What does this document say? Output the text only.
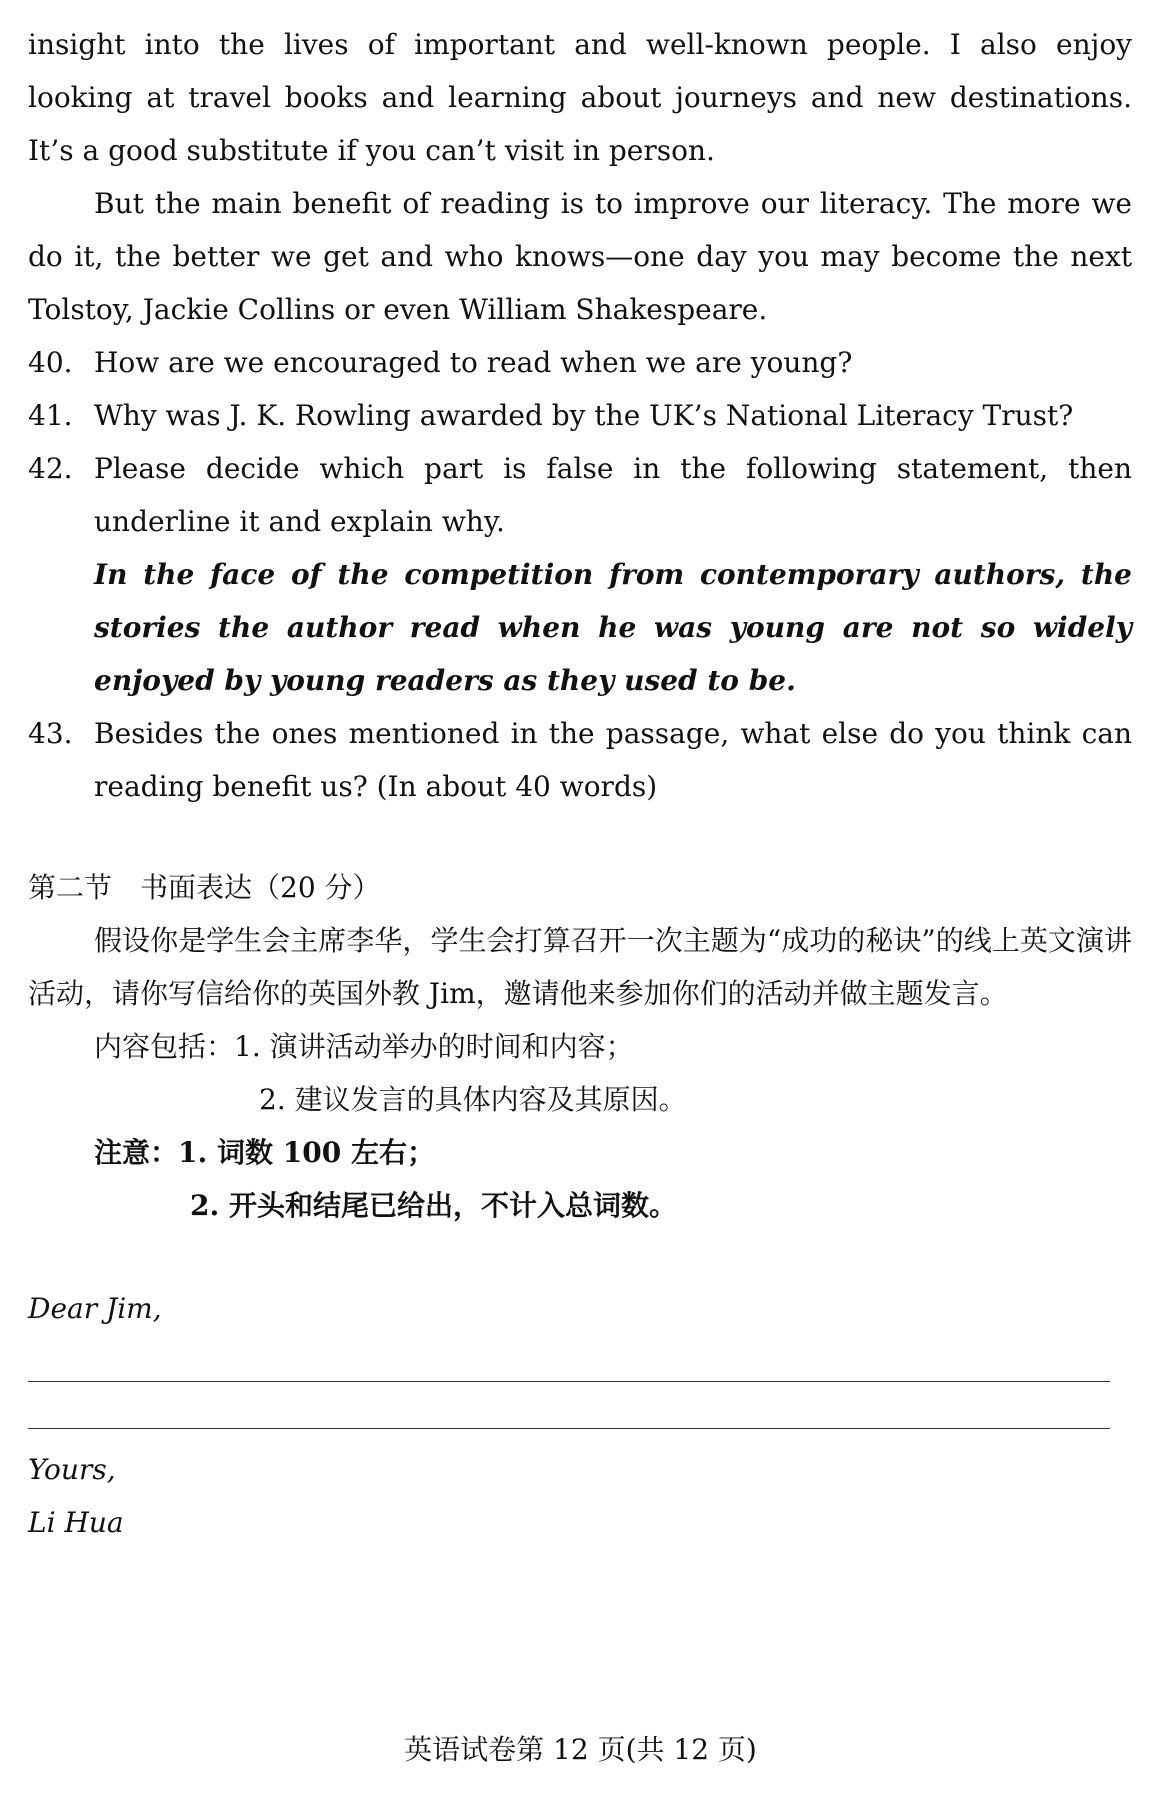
insight into the lives of important and well-known people. I also enjoy looking at travel books and learning about journeys and new destinations. It’s a good substitute if you can’t visit in person.

But the main benefit of reading is to improve our literacy. The more we do it, the better we get and who knows—one day you may become the next Tolstoy, Jackie Collins or even William Shakespeare.

40. How are we encouraged to read when we are young?
41. Why was J. K. Rowling awarded by the UK’s National Literacy Trust?
42. Please decide which part is false in the following statement, then underline it and explain why.
In the face of the competition from contemporary authors, the stories the author read when he was young are not so widely enjoyed by young readers as they used to be.
43. Besides the ones mentioned in the passage, what else do you think can reading benefit us? (In about 40 words)
第二节　书面表达（20 分）

假设你是学生会主席李华，学生会打算召开一次主题为“成功的秘诀”的线上英文演讲活动，请你写信给你的英国外教 Jim，邀请他来参加你们的活动并做主题发言。

内容包括： 1. 演讲活动举办的时间和内容；
2. 建议发言的具体内容及其原因。
注意： 1. 词数 100 左右；
2. 开头和结尾已给出，不计入总词数。
Dear Jim,
Yours,
Li Hua
英语试卷第 12 页(共 12 页)
